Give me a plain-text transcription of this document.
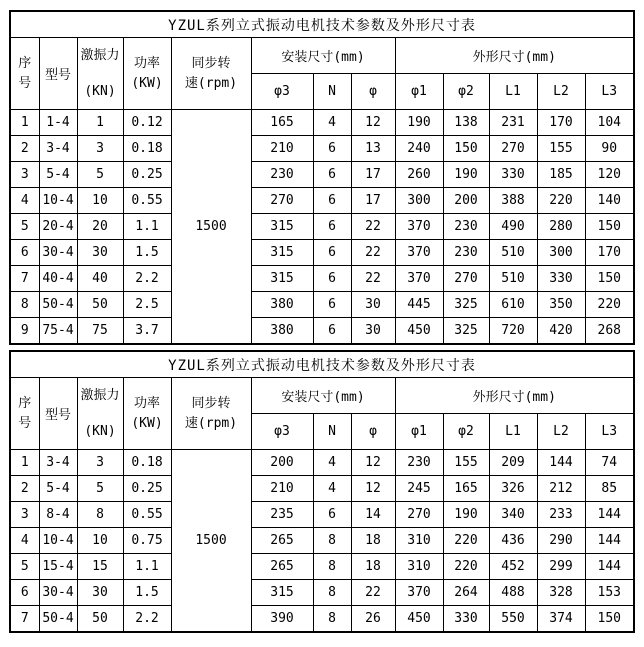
YZUL系列立式振动电机技术参数及外形尺寸表												

序
号	型号	激振力
(KN)	功率
(KW)	同步转
速(rpm)	安装尺寸(mm)			外形尺寸(mm)				
					φ3	N	φ	φ1	φ2	L1	L2	L3
1	1-4	1	0.12	1500	165	4	12	190	138	231	170	104
2	3-4	3	0.18		210	6	13	240	150	270	155	90
3	5-4	5	0.25		230	6	17	260	190	330	185	120
4	10-4	10	0.55		270	6	17	300	200	388	220	140
5	20-4	20	1.1		315	6	22	370	230	490	280	150
6	30-4	30	1.5		315	6	22	370	230	510	300	170
7	40-4	40	2.2		315	6	22	370	270	510	330	150
8	50-4	50	2.5		380	6	30	445	325	610	350	220
9	75-4	75	3.7		380	6	30	450	325	720	420	268
YZUL系列立式振动电机技术参数及外形尺寸表												

序
号	型号	激振力
(KN)	功率
(KW)	同步转
速(rpm)	安装尺寸(mm)			外形尺寸(mm)				
					φ3	N	φ	φ1	φ2	L1	L2	L3
1	3-4	3	0.18	1500	200	4	12	230	155	209	144	74
2	5-4	5	0.25		210	4	12	245	165	326	212	85
3	8-4	8	0.55		235	6	14	270	190	340	233	144
4	10-4	10	0.75		265	8	18	310	220	436	290	144
5	15-4	15	1.1		265	8	18	310	220	452	299	144
6	30-4	30	1.5		315	8	22	370	264	488	328	153
7	50-4	50	2.2		390	8	26	450	330	550	374	150
